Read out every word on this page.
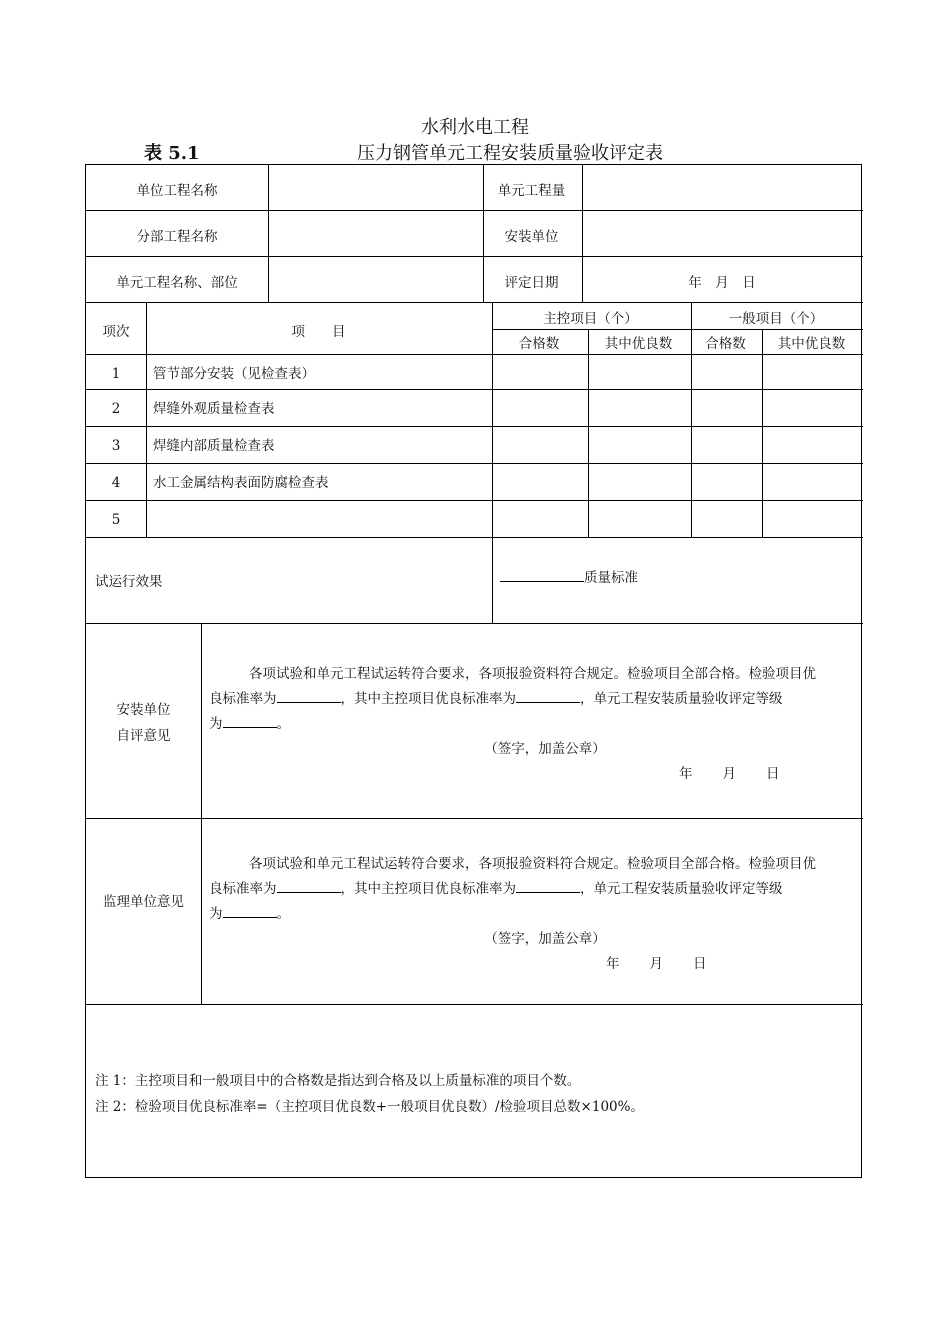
水利水电工程
表 5.1	压力钢管单元工程安装质量验收评定表
单位工程名称	单元工程量
分部工程名称	安装单位
单元工程名称、部位	评定日期	年　月　日
项次	项　　目
主控项目（个）	一般项目（个）
合格数	其中优良数	合格数	其中优良数
1	管节部分安装（见检查表）
2	焊缝外观质量检查表
3	焊缝内部质量检查表
4	水工金属结构表面防腐检查表
5
试运行效果	质量标准
安装单位
自评意见
各项试验和单元工程试运转符合要求，各项报验资料符合规定。检验项目全部合格。检验项目优
良标准率为	，其中主控项目优良标准率为	，单元工程安装质量验收评定等级
为	。
（签字，加盖公章）
年　　月　　日
监理单位意见
各项试验和单元工程试运转符合要求，各项报验资料符合规定。检验项目全部合格。检验项目优
良标准率为	，其中主控项目优良标准率为	，单元工程安装质量验收评定等级
为	。
（签字，加盖公章）
年　　月　　日
注 1：主控项目和一般项目中的合格数是指达到合格及以上质量标准的项目个数。
注 2：检验项目优良标准率=（主控项目优良数+一般项目优良数）/检验项目总数×100%。
